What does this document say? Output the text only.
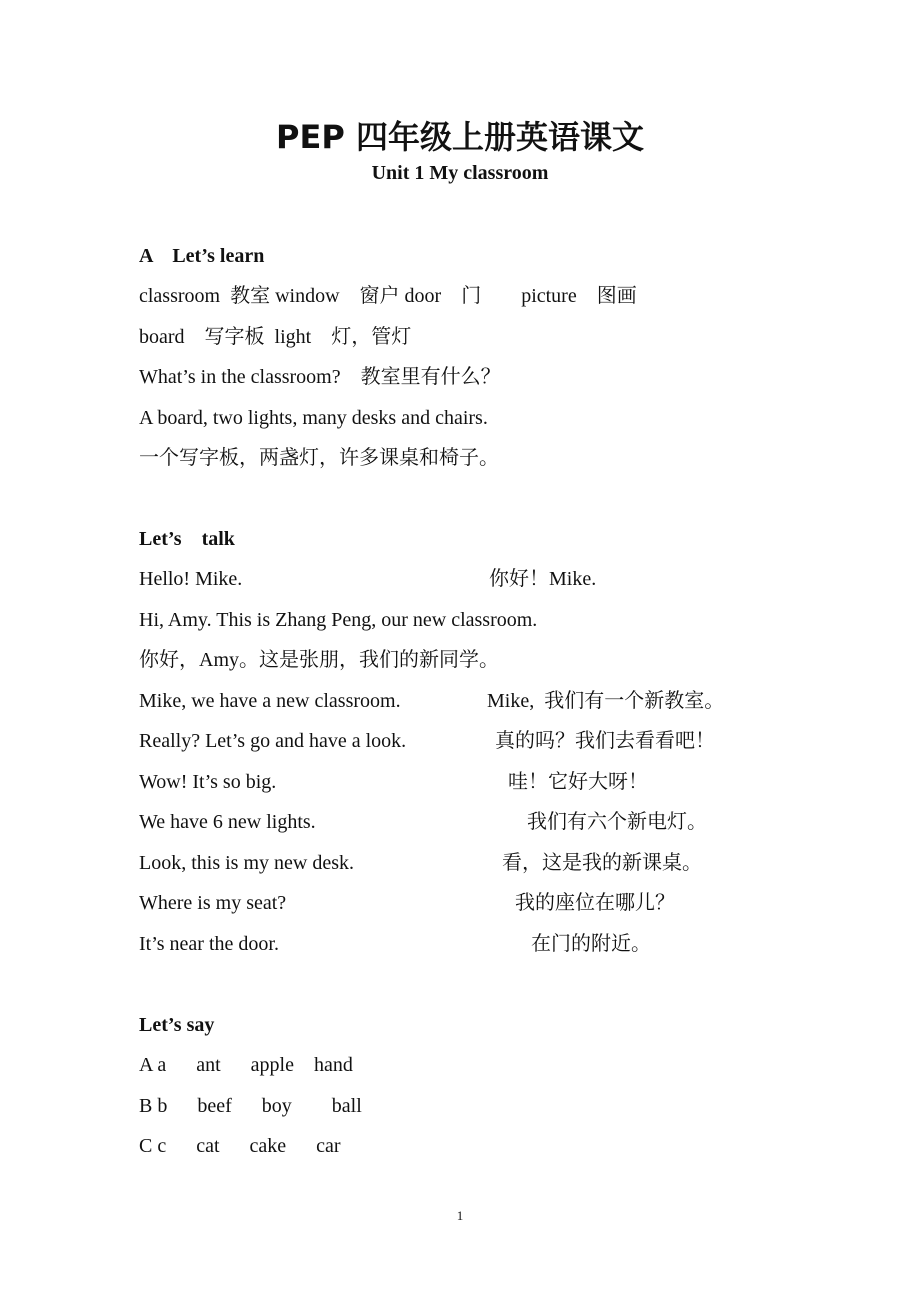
PEP 四年级上册英语课文
Unit 1 My classroom
A    Let’s learn
classroom  教室 window    窗户 door    门        picture    图画
board    写字板  light    灯，管灯
What’s in the classroom?    教室里有什么？
A board, two lights, many desks and chairs.
一个写字板，两盏灯，许多课桌和椅子。
Let’s    talk
Hello! Mike.	你好！Mike.
Hi, Amy. This is Zhang Peng, our new classroom.
你好，Amy。这是张朋，我们的新同学。
Mike, we have a new classroom.	Mike,  我们有一个新教室。
Really? Let’s go and have a look.	真的吗？我们去看看吧！
Wow! It’s so big.	哇！它好大呀！
We have 6 new lights.	我们有六个新电灯。
Look, this is my new desk.	看，这是我的新课桌。
Where is my seat?	我的座位在哪儿？
It’s near the door.	在门的附近。
Let’s say
A a      ant      apple    hand
B b      beef      boy        ball
C c      cat      cake      car
1
